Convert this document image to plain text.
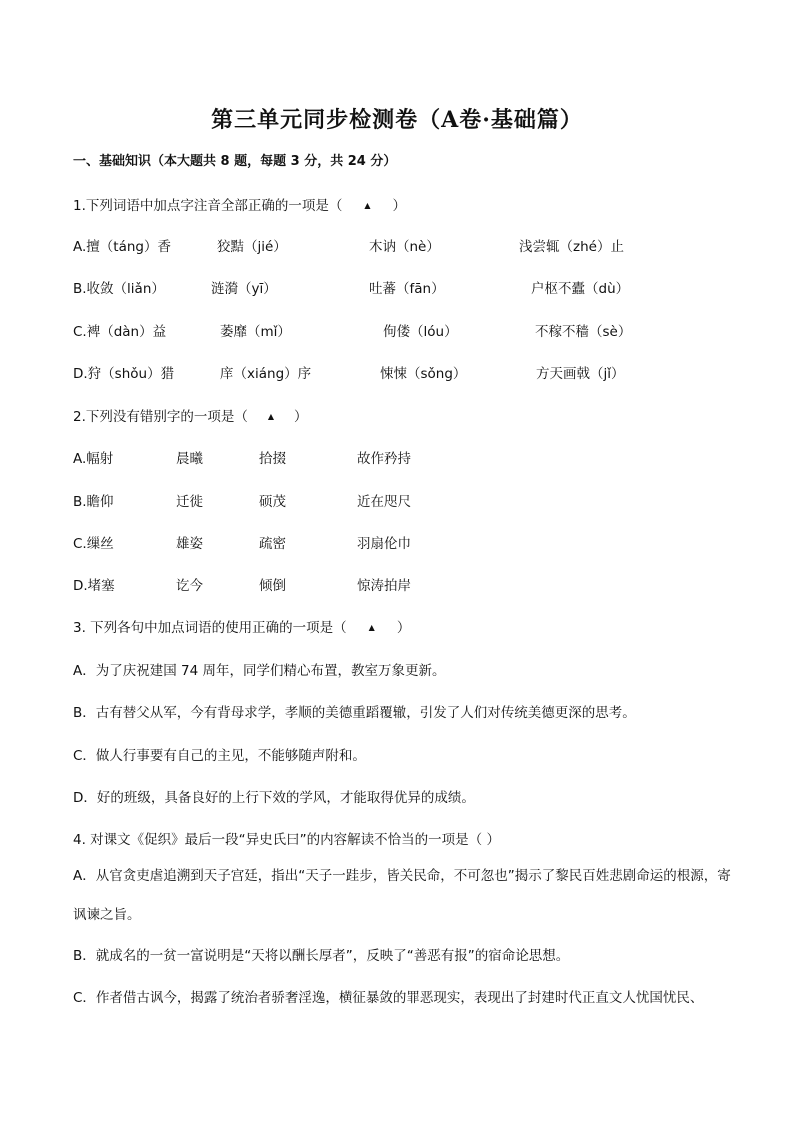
第三单元同步检测卷（A卷·基础篇）
一、基础知识（本大题共 8 题，每题 3 分，共 24 分）
1.下列词语中加点字注音全部正确的一项是（	▲ ）
A.擅（táng）香	狡黠（jié）	木讷（nè）	浅尝辄（zhé）止
B.收敛（liǎn）	涟漪（yī）	吐蕃（fān）	户枢不蠹（dù）
C.裨（dàn）益	萎靡（mǐ）	佝偻（lóu）	不稼不穑（sè）
D.狩（shǒu）猎	庠（xiáng）序	悚悚（sǒng）	方天画戟（jǐ）
2.下列没有错别字的一项是（	▲ ）
A.幅射	晨曦	拾掇	故作矜持
B.瞻仰	迁徙	硕茂	近在咫尺
C.缫丝	雄姿	疏密	羽扇伦巾
D.堵塞	讫今	倾倒	惊涛拍岸
3. 下列各句中加点词语的使用正确的一项是（	▲ ）
A．为了庆祝建国 74 周年，同学们精心布置，教室万象更新。
B．古有替父从军，今有背母求学，孝顺的美德重蹈覆辙，引发了人们对传统美德更深的思考。
C．做人行事要有自己的主见，不能够随声附和。
D．好的班级，具备良好的上行下效的学风，才能取得优异的成绩。
4. 对课文《促织》最后一段“异史氏曰”的内容解读不恰当的一项是（ ）
A．从官贪吏虐追溯到天子宫廷，指出“天子一跬步，皆关民命，不可忽也”揭示了黎民百姓悲剧命运的根源，寄讽谏之旨。
B．就成名的一贫一富说明是“天将以酬长厚者”，反映了“善恶有报”的宿命论思想。
C．作者借古讽今，揭露了统治者骄奢淫逸，横征暴敛的罪恶现实，表现出了封建时代正直文人忧国忧民、
